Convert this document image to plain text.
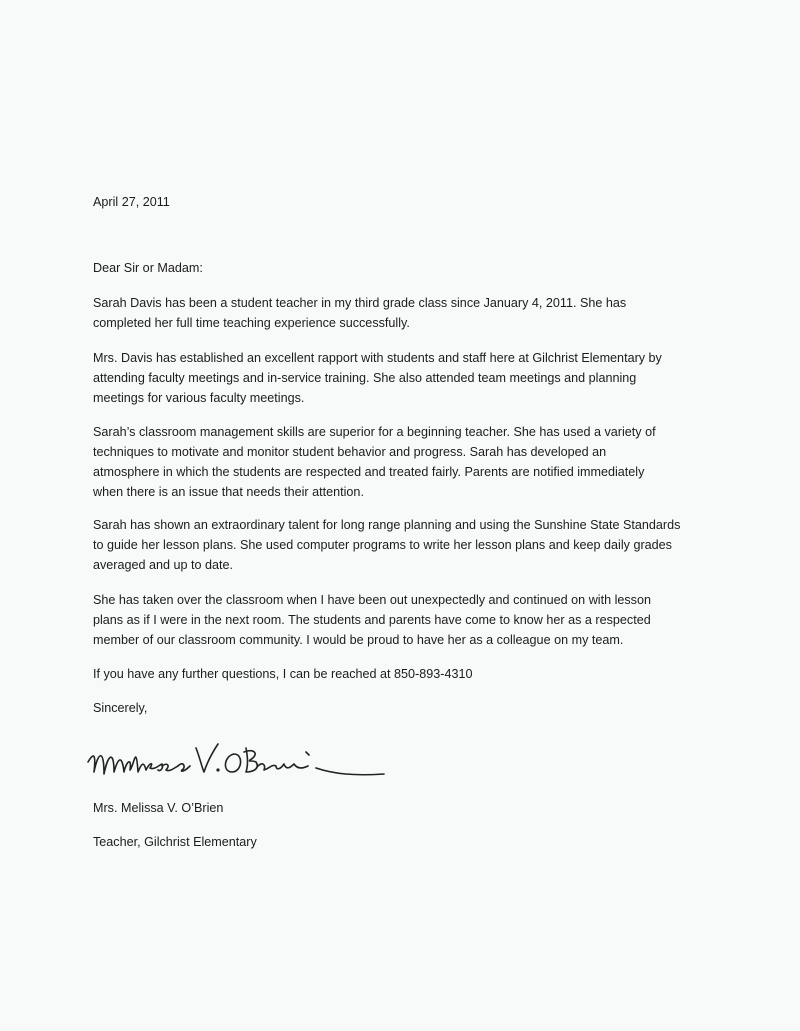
April 27, 2011
Dear Sir or Madam:
Sarah Davis has been a student teacher in my third grade class since January 4, 2011. She has
completed her full time teaching experience successfully.
Mrs. Davis has established an excellent rapport with students and staff here at Gilchrist Elementary by
attending faculty meetings and in-service training. She also attended team meetings and planning
meetings for various faculty meetings.
Sarah’s classroom management skills are superior for a beginning teacher. She has used a variety of
techniques to motivate and monitor student behavior and progress. Sarah has developed an
atmosphere in which the students are respected and treated fairly. Parents are notified immediately
when there is an issue that needs their attention.
Sarah has shown an extraordinary talent for long range planning and using the Sunshine State Standards
to guide her lesson plans. She used computer programs to write her lesson plans and keep daily grades
averaged and up to date.
She has taken over the classroom when I have been out unexpectedly and continued on with lesson
plans as if I were in the next room. The students and parents have come to know her as a respected
member of our classroom community. I would be proud to have her as a colleague on my team.
If you have any further questions, I can be reached at 850-893-4310
Sincerely,
Mrs. Melissa V. O’Brien
Teacher, Gilchrist Elementary
